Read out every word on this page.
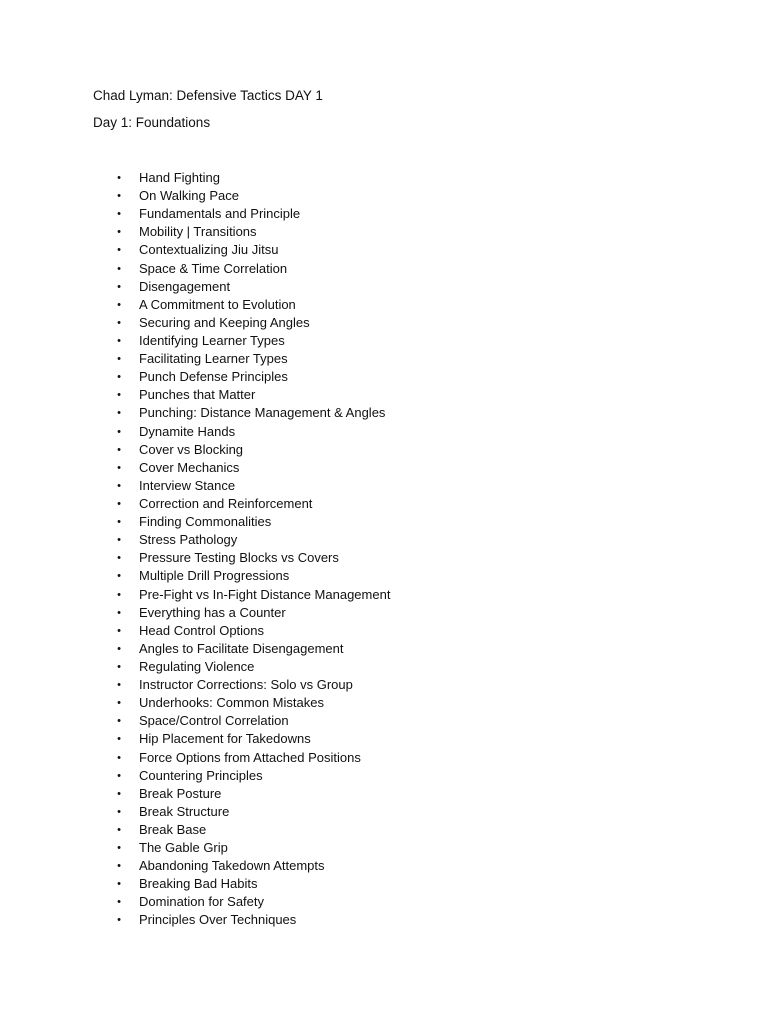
Chad Lyman: Defensive Tactics DAY 1
Day 1: Foundations
• Hand Fighting
• On Walking Pace
• Fundamentals and Principle
• Mobility | Transitions
• Contextualizing Jiu Jitsu
• Space & Time Correlation
• Disengagement
• A Commitment to Evolution
• Securing and Keeping Angles
• Identifying Learner Types
• Facilitating Learner Types
• Punch Defense Principles
• Punches that Matter
• Punching: Distance Management & Angles
• Dynamite Hands
• Cover vs Blocking
• Cover Mechanics
• Interview Stance
• Correction and Reinforcement
• Finding Commonalities
• Stress Pathology
• Pressure Testing Blocks vs Covers
• Multiple Drill Progressions
• Pre-Fight vs In-Fight Distance Management
• Everything has a Counter
• Head Control Options
• Angles to Facilitate Disengagement
• Regulating Violence
• Instructor Corrections: Solo vs Group
• Underhooks: Common Mistakes
• Space/Control Correlation
• Hip Placement for Takedowns
• Force Options from Attached Positions
• Countering Principles
• Break Posture
• Break Structure
• Break Base
• The Gable Grip
• Abandoning Takedown Attempts
• Breaking Bad Habits
• Domination for Safety
• Principles Over Techniques
